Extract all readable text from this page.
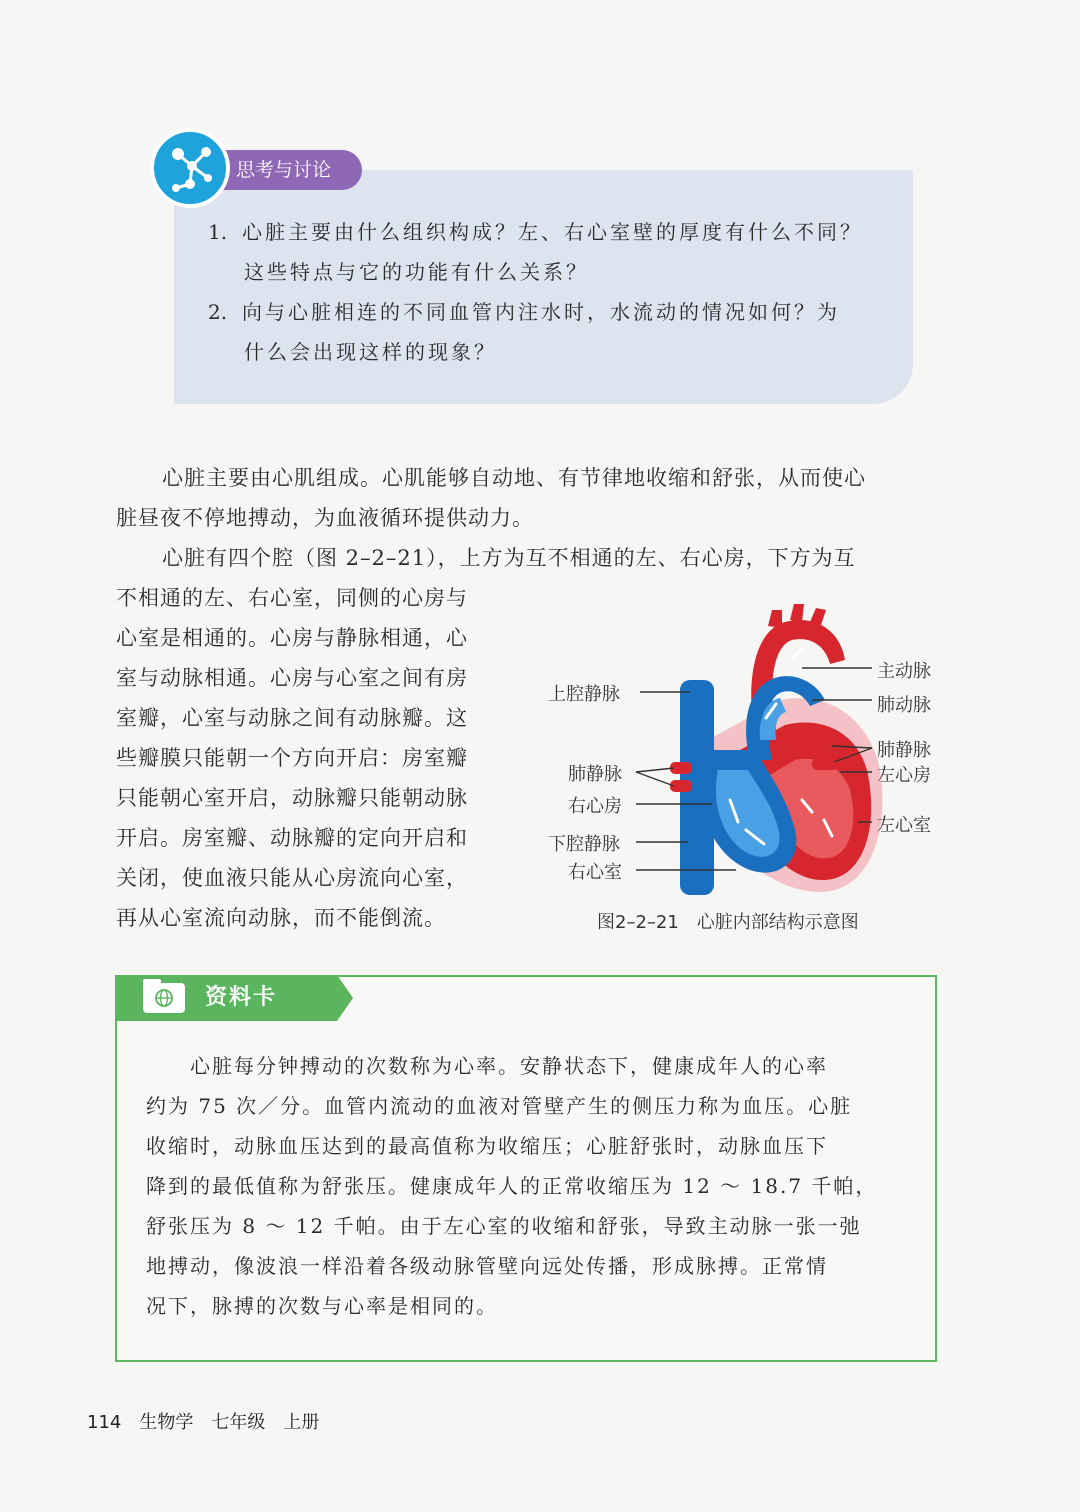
思考与讨论
1. 心脏主要由什么组织构成？左、右心室壁的厚度有什么不同？
这些特点与它的功能有什么关系？
2. 向与心脏相连的不同血管内注水时，水流动的情况如何？为
什么会出现这样的现象？

心脏主要由心肌组成。心肌能够自动地、有节律地收缩和舒张，从而使心

脏昼夜不停地搏动，为血液循环提供动力。

心脏有四个腔（图 2–2–21），上方为互不相通的左、右心房，下方为互

不相通的左、右心室，同侧的心房与

心室是相通的。心房与静脉相通，心

室与动脉相通。心房与心室之间有房

室瓣，心室与动脉之间有动脉瓣。这

些瓣膜只能朝一个方向开启：房室瓣

只能朝心室开启，动脉瓣只能朝动脉

开启。房室瓣、动脉瓣的定向开启和

关闭，使血液只能从心房流向心室，

再从心室流向动脉，而不能倒流。

主动脉
肺动脉
肺静脉
左心房
左心室
上腔静脉
肺静脉
右心房
下腔静脉
右心室
图2–2–21　心脏内部结构示意图
资料卡

心脏每分钟搏动的次数称为心率。安静状态下，健康成年人的心率

约为 75 次／分。血管内流动的血液对管壁产生的侧压力称为血压。心脏

收缩时，动脉血压达到的最高值称为收缩压；心脏舒张时，动脉血压下

降到的最低值称为舒张压。健康成年人的正常收缩压为 12 ～ 18.7 千帕，

舒张压为 8 ～ 12 千帕。由于左心室的收缩和舒张，导致主动脉一张一弛

地搏动，像波浪一样沿着各级动脉管壁向远处传播，形成脉搏。正常情

况下，脉搏的次数与心率是相同的。

114 生物学 七年级 上册
